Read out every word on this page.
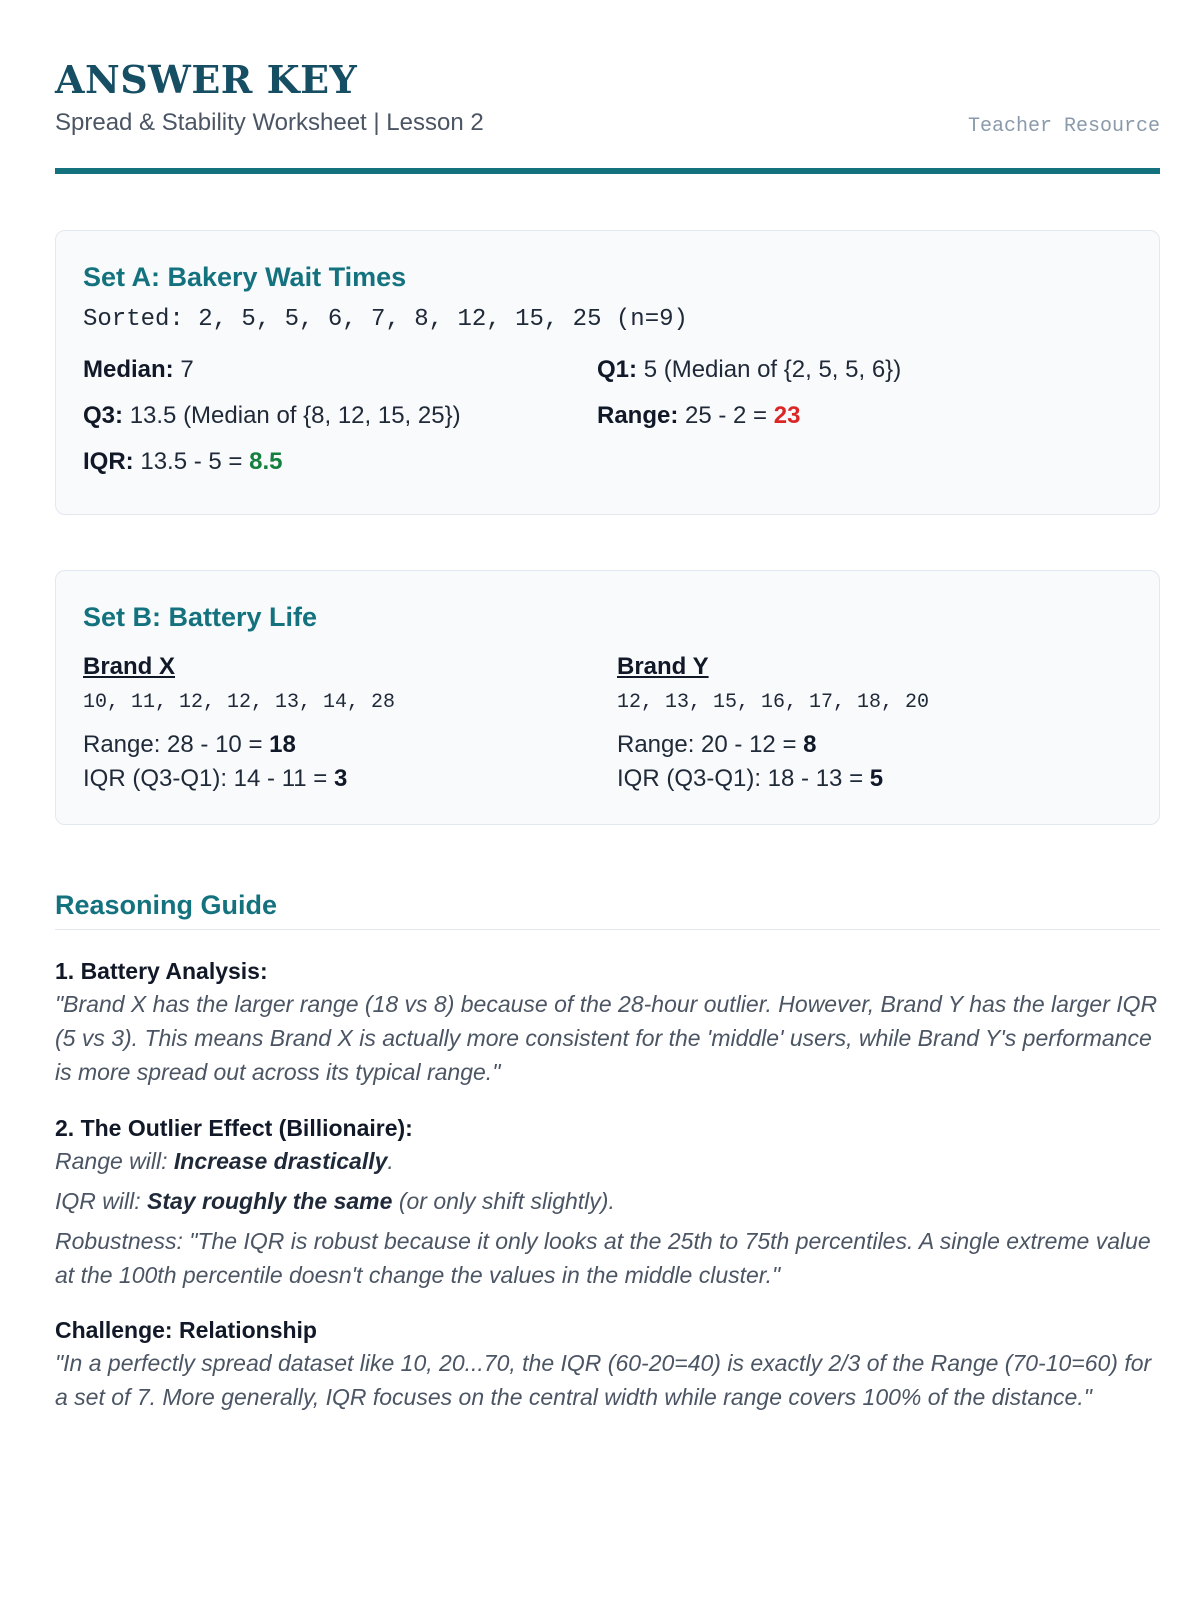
ANSWER KEY
Spread & Stability Worksheet | Lesson 2	Teacher Resource
Set A: Bakery Wait Times
Sorted: 2, 5, 5, 6, 7, 8, 12, 15, 25 (n=9)
Median: 7	Q1: 5 (Median of {2, 5, 5, 6})
Q3: 13.5 (Median of {8, 12, 15, 25})	Range: 25 - 2 = 23
IQR: 13.5 - 5 = 8.5
Set B: Battery Life
Brand X
10, 11, 12, 12, 13, 14, 28
Range: 28 - 10 = 18
IQR (Q3-Q1): 14 - 11 = 3
Brand Y
12, 13, 15, 16, 17, 18, 20
Range: 20 - 12 = 8
IQR (Q3-Q1): 18 - 13 = 5
Reasoning Guide
1. Battery Analysis:
"Brand X has the larger range (18 vs 8) because of the 28-hour outlier. However, Brand Y has the larger IQR (5 vs 3). This means Brand X is actually more consistent for the 'middle' users, while Brand Y's performance is more spread out across its typical range."
2. The Outlier Effect (Billionaire):
Range will: Increase drastically.
IQR will: Stay roughly the same (or only shift slightly).
Robustness: "The IQR is robust because it only looks at the 25th to 75th percentiles. A single extreme value at the 100th percentile doesn't change the values in the middle cluster."
Challenge: Relationship
"In a perfectly spread dataset like 10, 20...70, the IQR (60-20=40) is exactly 2/3 of the Range (70-10=60) for a set of 7. More generally, IQR focuses on the central width while range covers 100% of the distance."
